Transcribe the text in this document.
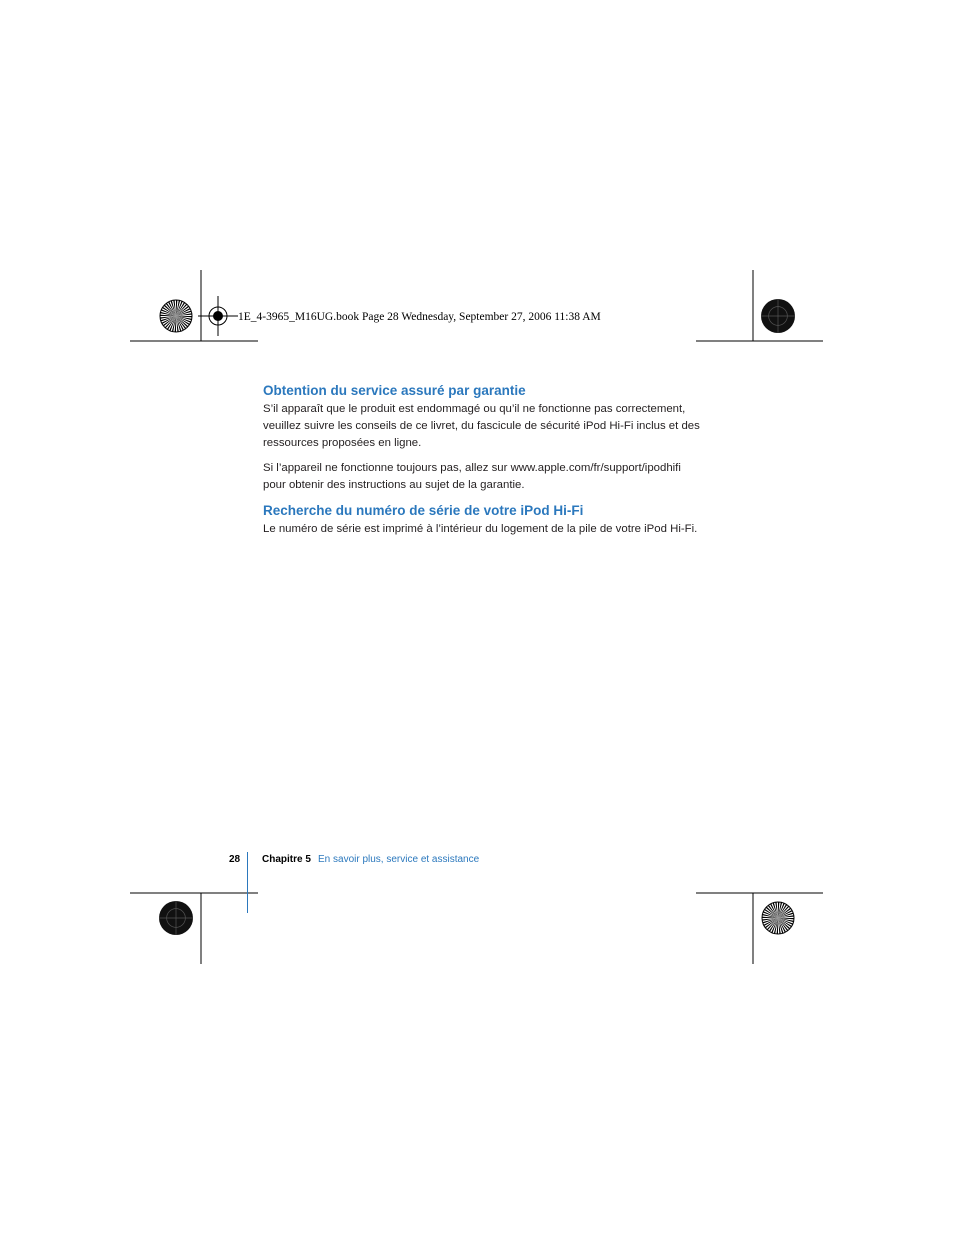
1E_4-3965_M16UG.book Page 28 Wednesday, September 27, 2006 11:38 AM
Obtention du service assuré par garantie

S’il apparaît que le produit est endommagé ou qu’il ne fonctionne pas correctement,
veuillez suivre les conseils de ce livret, du fascicule de sécurité iPod Hi-Fi inclus et des
ressources proposées en ligne.

Si l’appareil ne fonctionne toujours pas, allez sur www.apple.com/fr/support/ipodhifi
pour obtenir des instructions au sujet de la garantie.

Recherche du numéro de série de votre iPod Hi-Fi

Le numéro de série est imprimé à l’intérieur du logement de la pile de votre iPod Hi-Fi.

28 Chapitre 5 En savoir plus, service et assistance
